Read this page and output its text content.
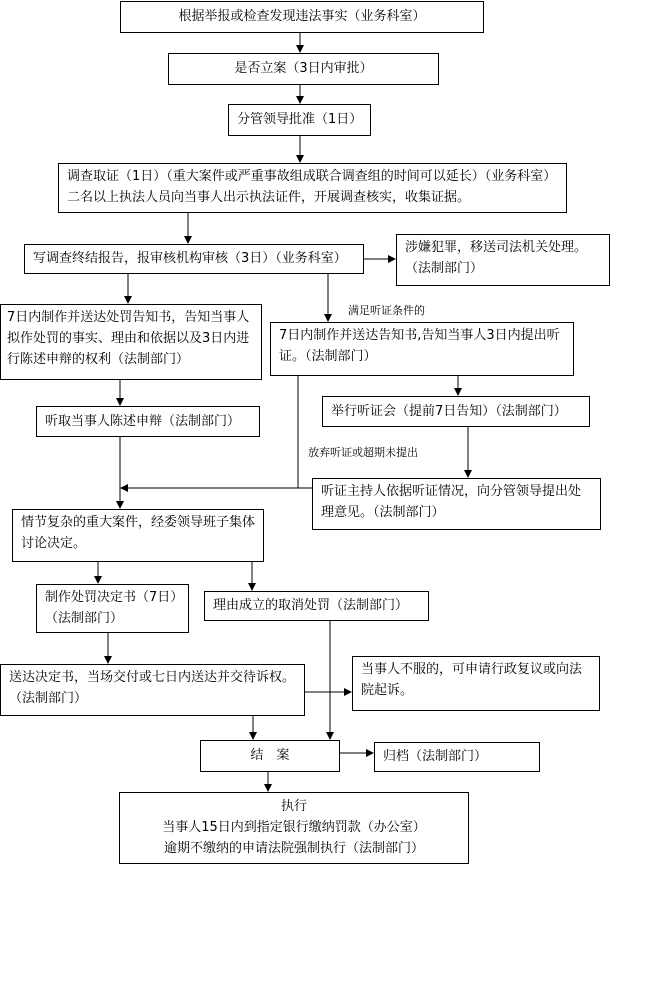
根据举报或检查发现违法事实（业务科室）
是否立案（3日内审批）
分管领导批准（1日）
调查取证（1日）（重大案件或严重事故组成联合调查组的时间可以延长）（业务科室）二名以上执法人员向当事人出示执法证件，开展调查核实，收集证据。
写调查终结报告，报审核机构审核（3日）（业务科室）
涉嫌犯罪，移送司法机关处理。（法制部门）
满足听证条件的
7日内制作并送达处罚告知书，告知当事人拟作处罚的事实、理由和依据以及3日内进行陈述申辩的权利（法制部门）
7日内制作并送达告知书,告知当事人3日内提出听证。（法制部门）
举行听证会（提前7日告知）（法制部门）
听取当事人陈述申辩（法制部门）
放弃听证或超期未提出
听证主持人依据听证情况，向分管领导提出处理意见。（法制部门）
情节复杂的重大案件，经委领导班子集体讨论决定。
制作处罚决定书（7日）（法制部门）
理由成立的取消处罚（法制部门）
送达决定书，当场交付或七日内送达并交待诉权。（法制部门）
当事人不服的，可申请行政复议或向法院起诉。
结　案	归档（法制部门）
执行
当事人15日内到指定银行缴纳罚款（办公室）
逾期不缴纳的申请法院强制执行（法制部门）
